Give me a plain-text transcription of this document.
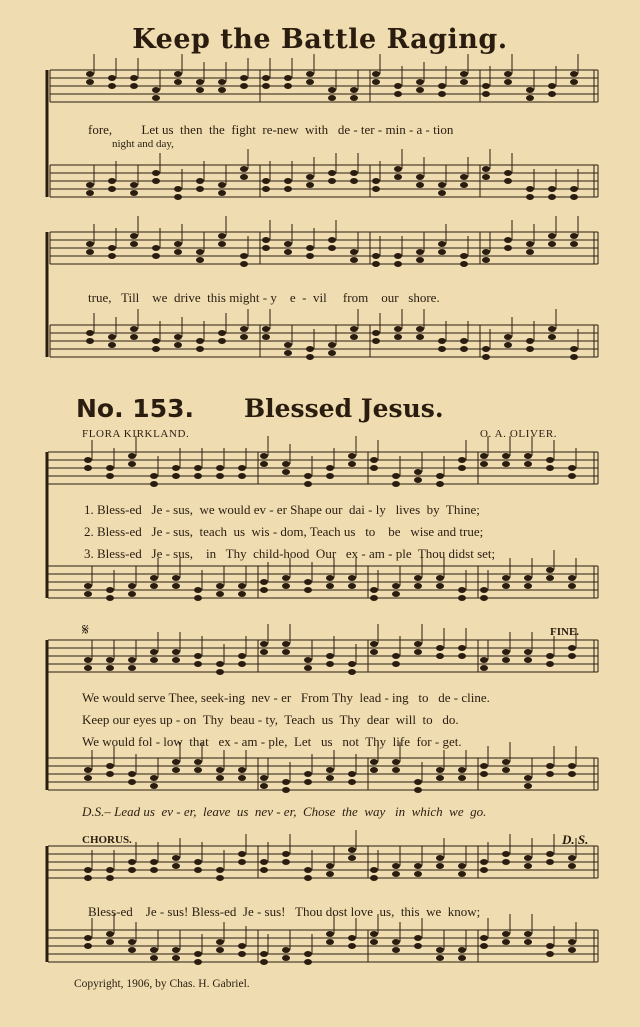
Keep the Battle Raging.
fore,         Let us  then  the  fight  re-new  with   de - ter - min - a - tion
night and day,
true,   Till    we  drive  this might - y    e  -  vil     from    our   shore.
No. 153. Blessed Jesus.
FLORA KIRKLAND.	O. A. OLIVER.
1. Bless-ed   Je - sus,  we would ev - er Shape our  dai - ly   lives  by  Thine;
2. Bless-ed   Je - sus,  teach  us  wis - dom, Teach us   to    be   wise and true;
3. Bless-ed   Je - sus,    in   Thy  child-hood  Our   ex - am - ple  Thou didst set;
𝄋	FINE.
We would serve Thee, seek-ing  nev - er   From Thy  lead - ing   to   de - cline.
Keep our eyes up - on  Thy  beau - ty,  Teach  us  Thy  dear  will  to   do.
We would fol - low  that   ex - am - ple,  Let   us   not  Thy  life  for - get.
D.S.– Lead us  ev - er,  leave  us  nev - er,  Chose  the  way   in  which  we  go.
CHORUS.	D. S.
Bless-ed    Je - sus! Bless-ed  Je - sus!   Thou dost love  us,  this  we  know;
Copyright, 1906, by Chas. H. Gabriel.
